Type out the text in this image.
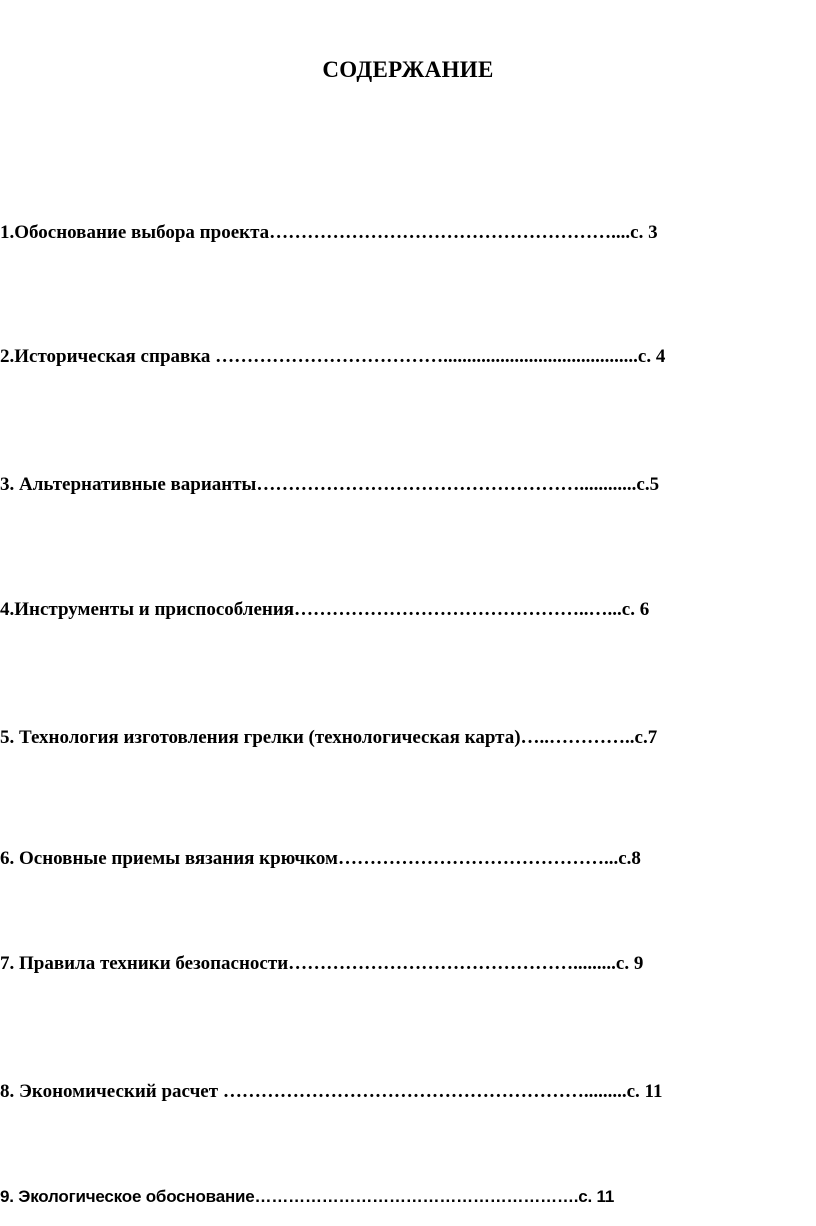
СОДЕРЖАНИЕ
1.Обоснование выбора проекта………………………………………………....с. 3
2.Историческая справка ……………………………….........................................с. 4
3. Альтернативные варианты……………………………………………............с.5
4.Инструменты и приспособления………………………………………..…...с. 6
5. Технология изготовления грелки (технологическая карта)…..…………..с.7
6. Основные приемы вязания крючком……………………………………...с.8
7. Правила техники безопасности……………………………………….........с. 9
8. Экономический расчет ………………………………………………….........с. 11
9. Экологическое обоснование………………………………………………….с. 11
